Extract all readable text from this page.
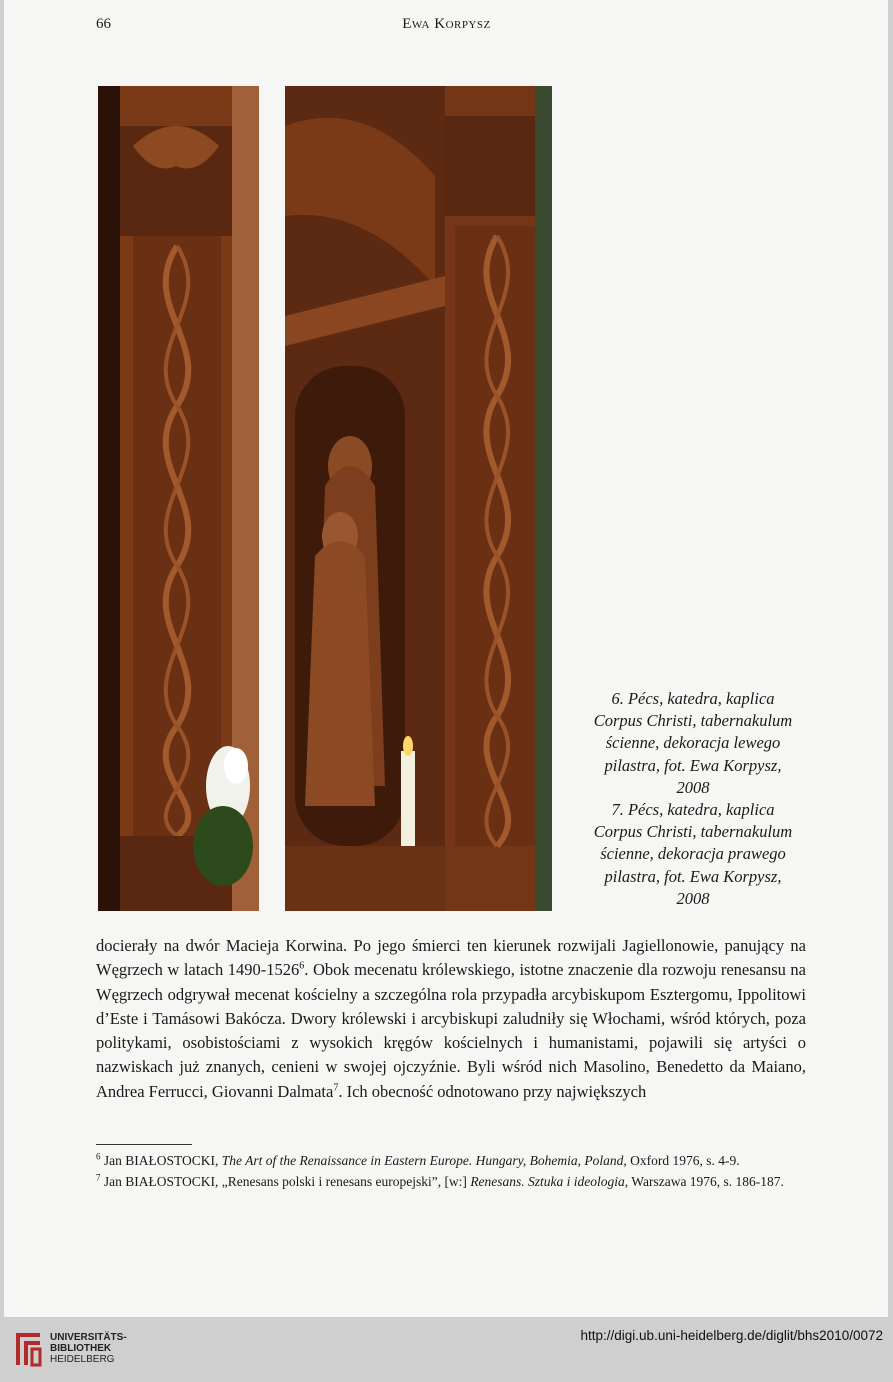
66	Ewa Korpysz
6. Pécs, katedra, kaplica
Corpus Christi, tabernakulum
ścienne, dekoracja lewego
pilastra, fot. Ewa Korpysz,
2008
7. Pécs, katedra, kaplica
Corpus Christi, tabernakulum
ścienne, dekoracja prawego
pilastra, fot. Ewa Korpysz,
2008

docierały na dwór Macieja Korwina. Po jego śmierci ten kierunek rozwijali Jagiellonowie, panujący na Węgrzech w latach 1490-1526$^6$. Obok mecenatu królewskiego, istotne znaczenie dla rozwoju renesansu na Węgrzech odgrywał mecenat kościelny a szczególna rola przypadła arcybiskupom Esztergomu, Ippolitowi d’Este i Tamásowi Bakócza. Dwory królewski i arcybiskupi zaludniły się Włochami, wśród których, poza politykami, osobistościami z wysokich kręgów kościelnych i humanistami, pojawili się artyści o nazwiskach już znanych, cenieni w swojej ojczyźnie. Byli wśród nich Masolino, Benedetto da Maiano, Andrea Ferrucci, Giovanni Dalmata$^7$. Ich obecność odnotowano przy największych

$^6$ Jan BIAŁOSTOCKI, The Art of the Renaissance in Eastern Europe. Hungary, Bohemia, Poland, Oxford 1976, s. 4-9.
$^7$ Jan BIAŁOSTOCKI, „Renesans polski i renesans europejski”, [w:] Renesans. Sztuka i ideologia, Warszawa 1976, s. 186-187.
UNIVERSITÄTS-
BIBLIOTHEK
HEIDELBERG
http://digi.ub.uni-heidelberg.de/diglit/bhs2010/0072
